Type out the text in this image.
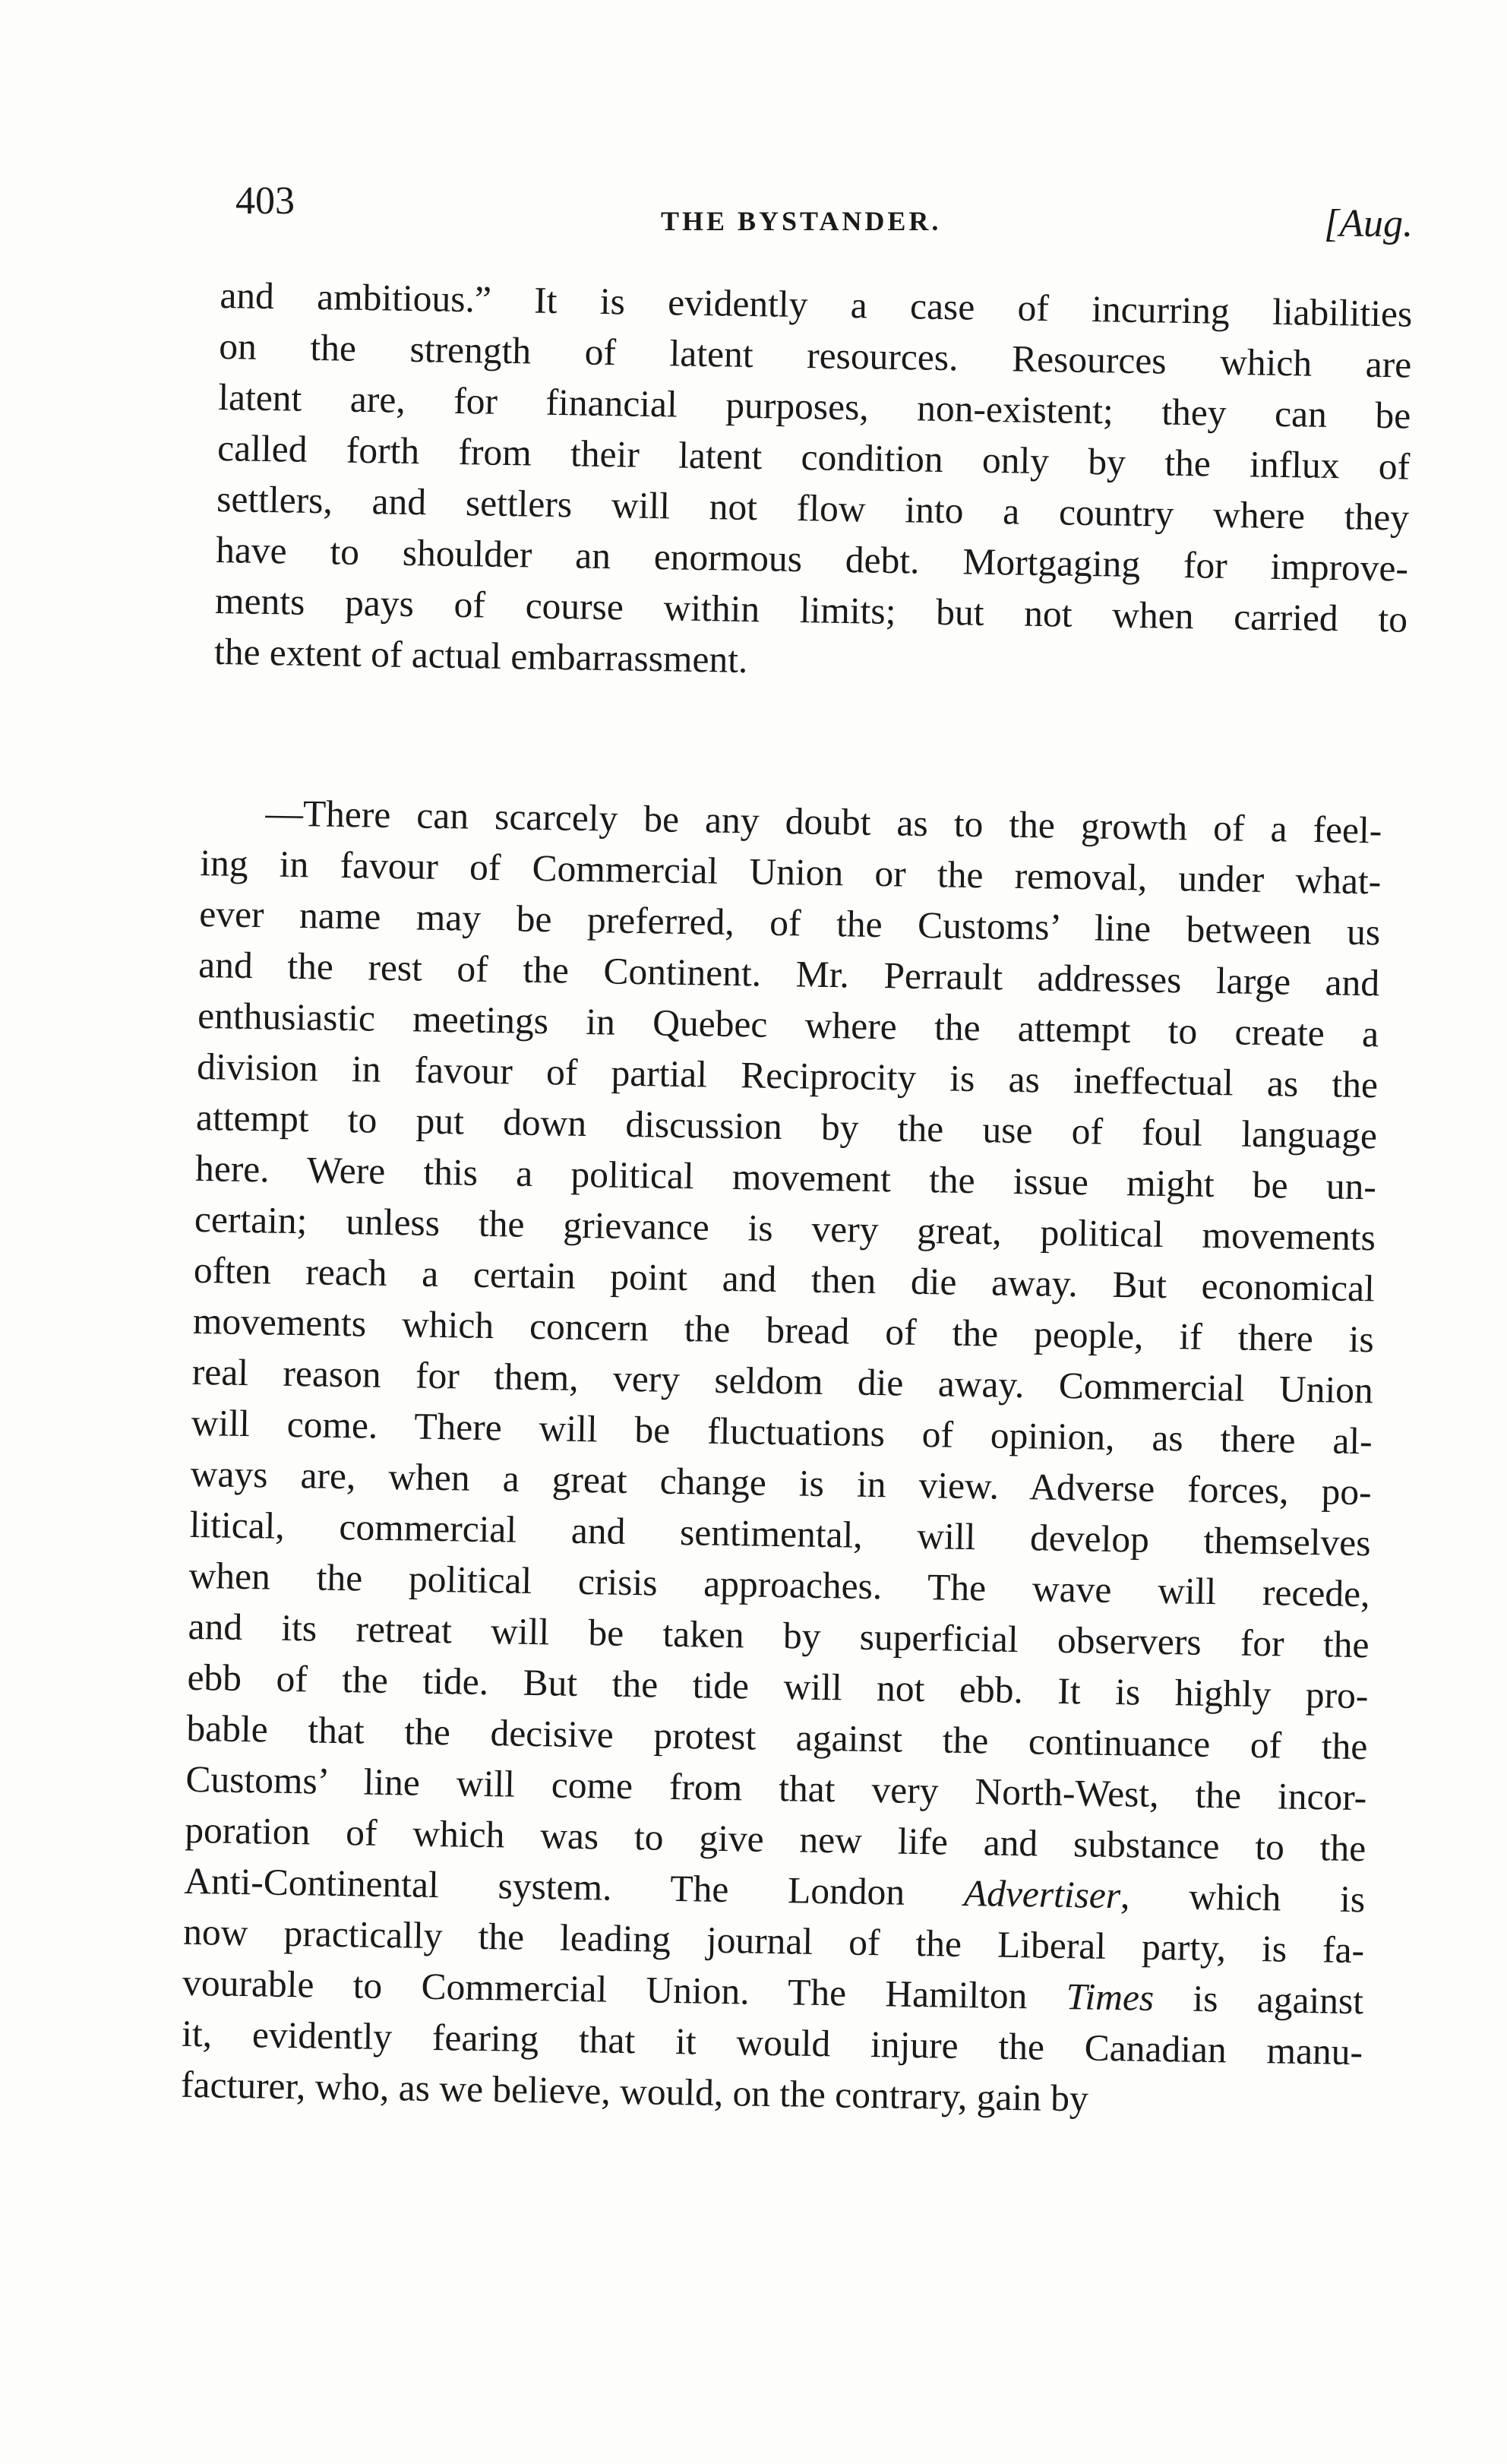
403	THE BYSTANDER.	[Aug.
and ambitious.” It is evidently a case of incurring liabilities
on the strength of latent resources. Resources which are
latent are, for financial purposes, non-existent; they can be
called forth from their latent condition only by the influx of
settlers, and settlers will not flow into a country where they
have to shoulder an enormous debt. Mortgaging for improve-
ments pays of course within limits; but not when carried to
the extent of actual embarrassment.
—There can scarcely be any doubt as to the growth of a feel-
ing in favour of Commercial Union or the removal, under what-
ever name may be preferred, of the Customs’ line between us
and the rest of the Continent. Mr. Perrault addresses large and
enthusiastic meetings in Quebec where the attempt to create a
division in favour of partial Reciprocity is as ineffectual as the
attempt to put down discussion by the use of foul language
here. Were this a political movement the issue might be un-
certain; unless the grievance is very great, political movements
often reach a certain point and then die away. But economical
movements which concern the bread of the people, if there is
real reason for them, very seldom die away. Commercial Union
will come. There will be fluctuations of opinion, as there al-
ways are, when a great change is in view. Adverse forces, po-
litical, commercial and sentimental, will develop themselves
when the political crisis approaches. The wave will recede,
and its retreat will be taken by superficial observers for the
ebb of the tide. But the tide will not ebb. It is highly pro-
bable that the decisive protest against the continuance of the
Customs’ line will come from that very North-West, the incor-
poration of which was to give new life and substance to the
Anti-Continental system. The London Advertiser, which is
now practically the leading journal of the Liberal party, is fa-
vourable to Commercial Union. The Hamilton Times is against
it, evidently fearing that it would injure the Canadian manu-
facturer, who, as we believe, would, on the contrary, gain by
